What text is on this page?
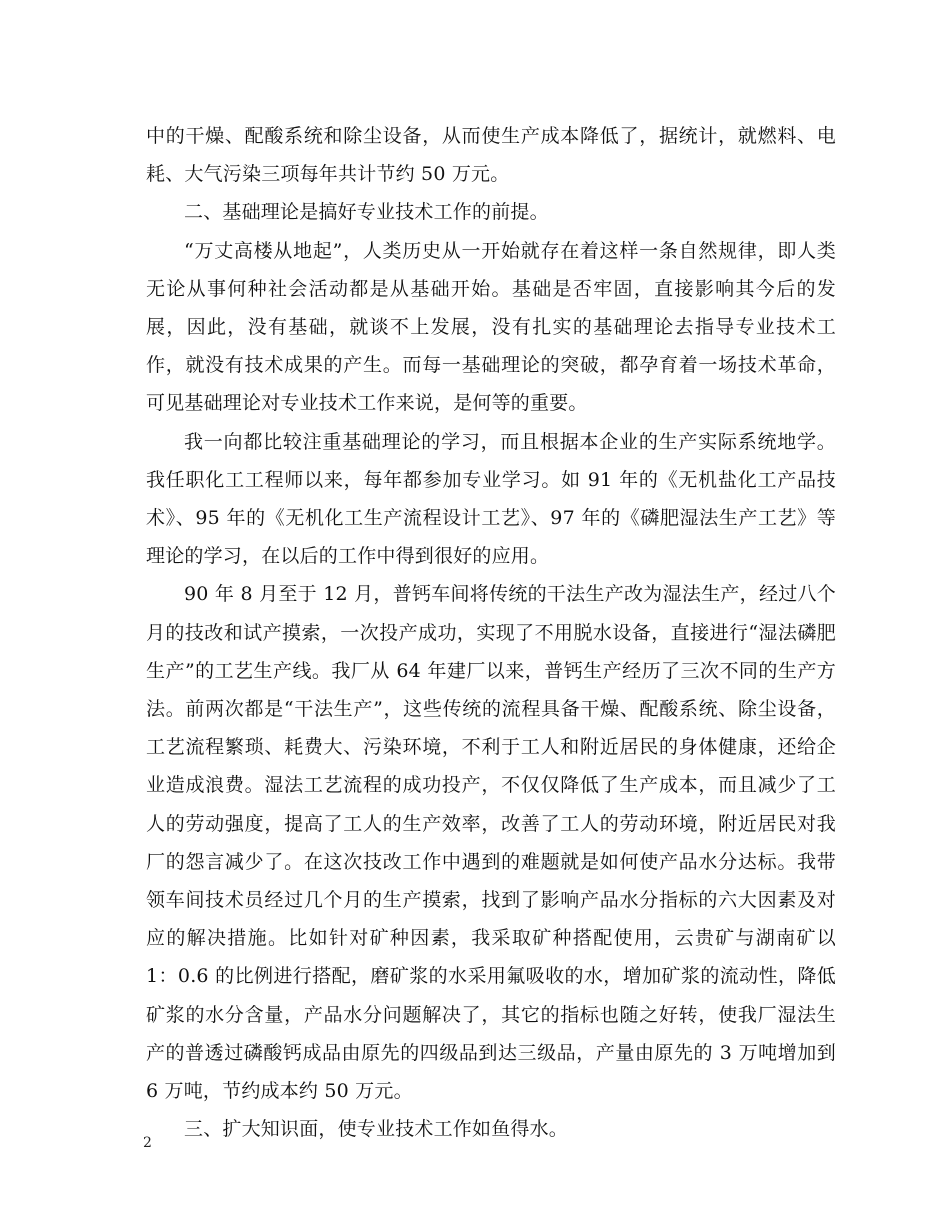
中的干燥、配酸系统和除尘设备，从而使生产成本降低了，据统计，就燃料、电耗、大气污染三项每年共计节约 50 万元。

二、基础理论是搞好专业技术工作的前提。

“万丈高楼从地起”，人类历史从一开始就存在着这样一条自然规律，即人类无论从事何种社会活动都是从基础开始。基础是否牢固，直接影响其今后的发展，因此，没有基础，就谈不上发展，没有扎实的基础理论去指导专业技术工作，就没有技术成果的产生。而每一基础理论的突破，都孕育着一场技术革命，可见基础理论对专业技术工作来说，是何等的重要。

我一向都比较注重基础理论的学习，而且根据本企业的生产实际系统地学。我任职化工工程师以来，每年都参加专业学习。如 91 年的《无机盐化工产品技术》、95 年的《无机化工生产流程设计工艺》、97 年的《磷肥湿法生产工艺》等理论的学习，在以后的工作中得到很好的应用。

90 年 8 月至于 12 月，普钙车间将传统的干法生产改为湿法生产，经过八个月的技改和试产摸索，一次投产成功，实现了不用脱水设备，直接进行“湿法磷肥生产”的工艺生产线。我厂从 64 年建厂以来，普钙生产经历了三次不同的生产方法。前两次都是“干法生产”，这些传统的流程具备干燥、配酸系统、除尘设备，工艺流程繁琐、耗费大、污染环境，不利于工人和附近居民的身体健康，还给企业造成浪费。湿法工艺流程的成功投产，不仅仅降低了生产成本，而且减少了工人的劳动强度，提高了工人的生产效率，改善了工人的劳动环境，附近居民对我厂的怨言减少了。在这次技改工作中遇到的难题就是如何使产品水分达标。我带领车间技术员经过几个月的生产摸索，找到了影响产品水分指标的六大因素及对应的解决措施。比如针对矿种因素，我采取矿种搭配使用，云贵矿与湖南矿以 1：0.6 的比例进行搭配，磨矿浆的水采用氟吸收的水，增加矿浆的流动性，降低矿浆的水分含量，产品水分问题解决了，其它的指标也随之好转，使我厂湿法生产的普透过磷酸钙成品由原先的四级品到达三级品，产量由原先的 3 万吨增加到 6 万吨，节约成本约 50 万元。

三、扩大知识面，使专业技术工作如鱼得水。

2
